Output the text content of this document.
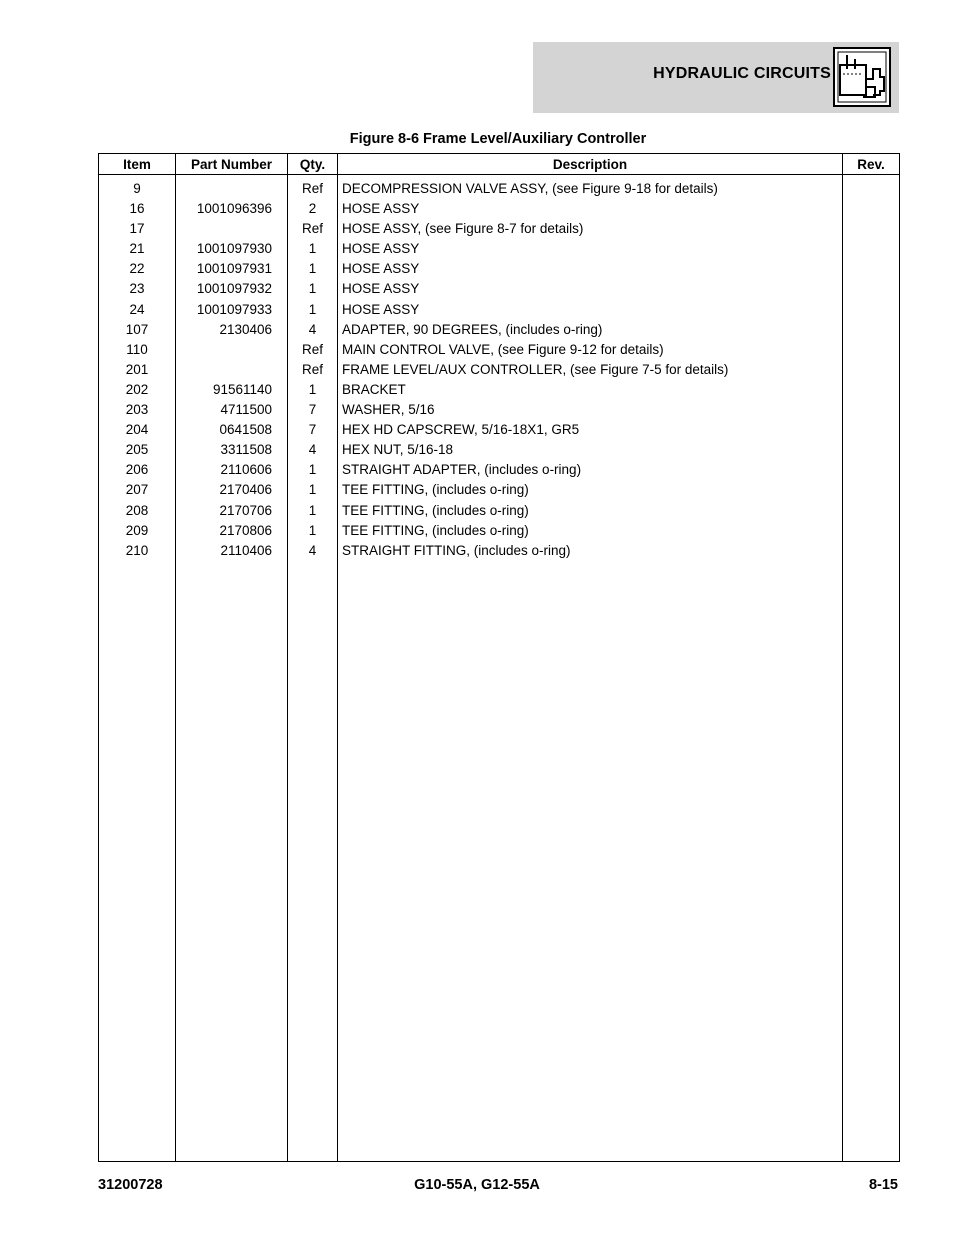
HYDRAULIC CIRCUITS
Figure 8-6 Frame Level/Auxiliary Controller
Item	Part Number	Qty.	Description	Rev.
9		Ref	DECOMPRESSION VALVE ASSY, (see Figure 9-18 for details)	
16	1001096396	2	HOSE ASSY	
17		Ref	HOSE ASSY, (see Figure 8-7 for details)	
21	1001097930	1	HOSE ASSY	
22	1001097931	1	HOSE ASSY	
23	1001097932	1	HOSE ASSY	
24	1001097933	1	HOSE ASSY	
107	2130406	4	ADAPTER, 90 DEGREES, (includes o-ring)	
110		Ref	MAIN CONTROL VALVE, (see Figure 9-12 for details)	
201		Ref	FRAME LEVEL/AUX CONTROLLER, (see Figure 7-5 for details)	
202	91561140	1	BRACKET	
203	4711500	7	WASHER, 5/16	
204	0641508	7	HEX HD CAPSCREW, 5/16-18X1, GR5	
205	3311508	4	HEX NUT, 5/16-18	
206	2110606	1	STRAIGHT ADAPTER, (includes o-ring)	
207	2170406	1	TEE FITTING, (includes o-ring)	
208	2170706	1	TEE FITTING, (includes o-ring)	
209	2170806	1	TEE FITTING, (includes o-ring)	
210	2110406	4	STRAIGHT FITTING, (includes o-ring)	

31200728	G10-55A, G12-55A	8-15
